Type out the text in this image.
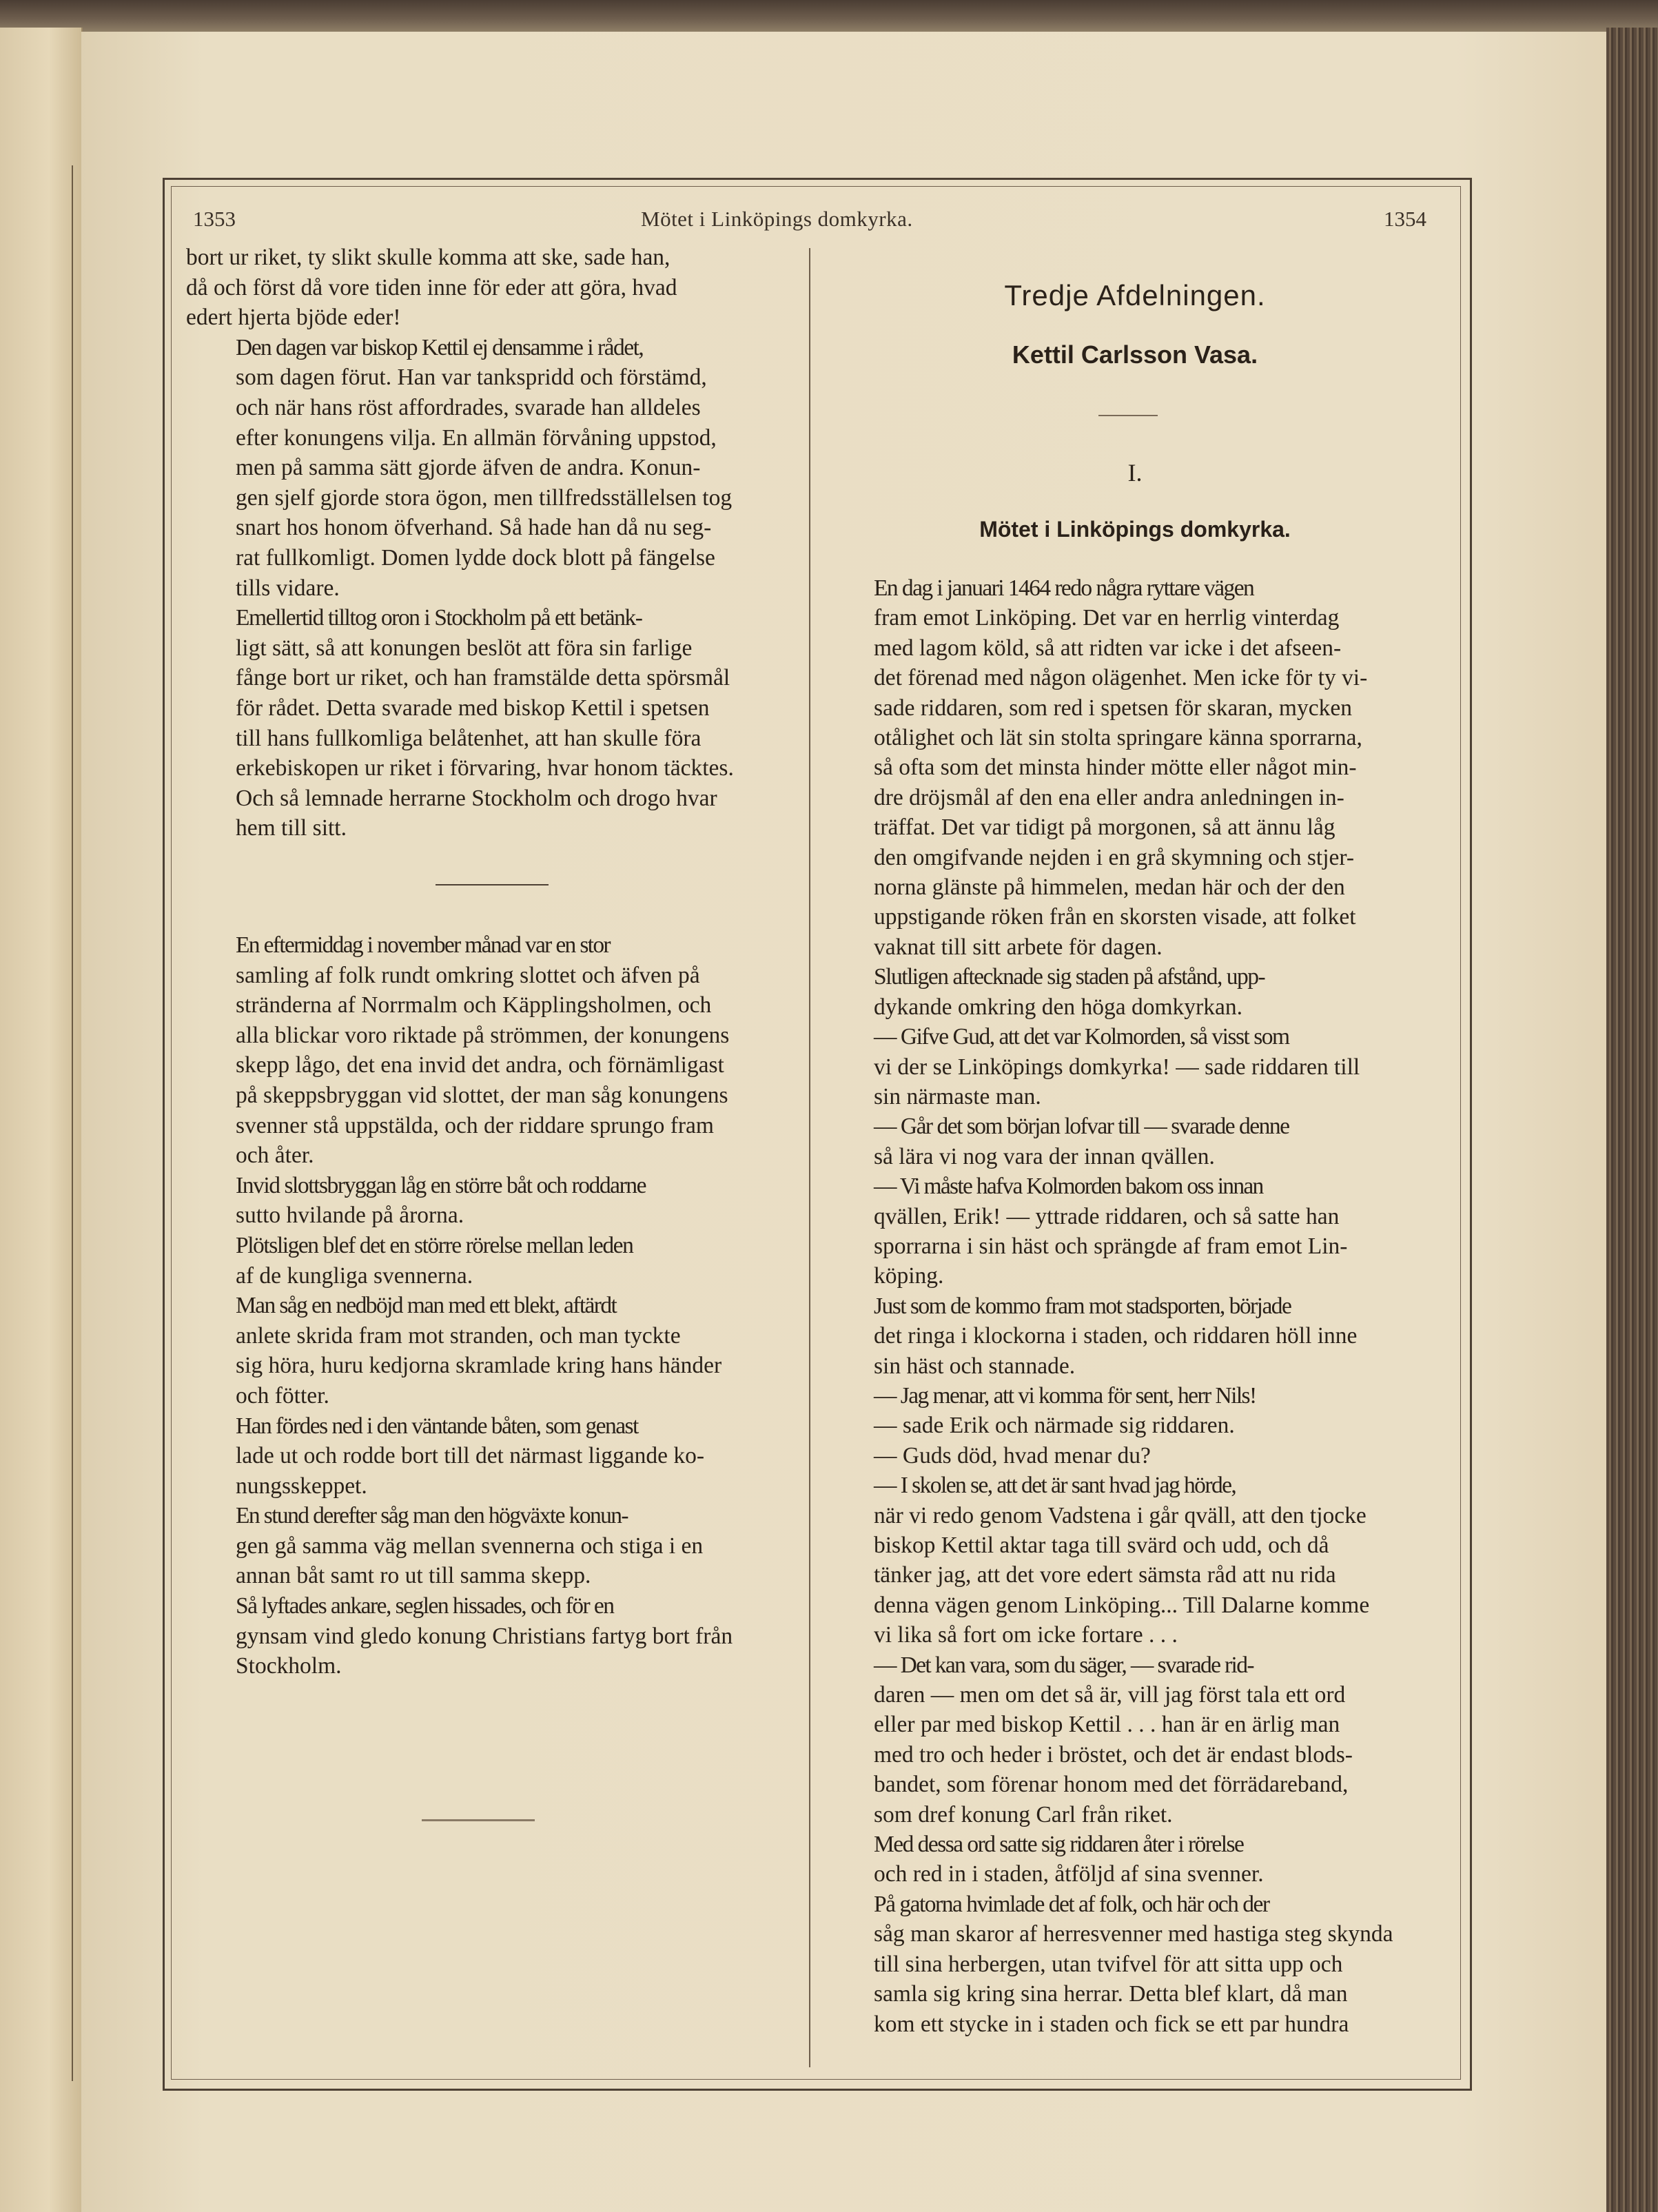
1353	Mötet i Linköpings domkyrka.	1354

bort ur riket, ty slikt skulle komma att ske, sade han,
då och först då vore tiden inne för eder att göra, hvad
edert hjerta bjöde eder!

Den dagen var biskop Kettil ej densamme i rådet,
som dagen förut. Han var tankspridd och förstämd,
och när hans röst affordrades, svarade han alldeles
efter konungens vilja. En allmän förvåning uppstod,
men på samma sätt gjorde äfven de andra. Konun-
gen sjelf gjorde stora ögon, men tillfredsställelsen tog
snart hos honom öfverhand. Så hade han då nu seg-
rat fullkomligt. Domen lydde dock blott på fängelse
tills vidare.

Emellertid tilltog oron i Stockholm på ett betänk-
ligt sätt, så att konungen beslöt att föra sin farlige
fånge bort ur riket, och han framstälde detta spörsmål
för rådet. Detta svarade med biskop Kettil i spetsen
till hans fullkomliga belåtenhet, att han skulle föra
erkebiskopen ur riket i förvaring, hvar honom täcktes.
Och så lemnade herrarne Stockholm och drogo hvar
hem till sitt.

En eftermiddag i november månad var en stor
samling af folk rundt omkring slottet och äfven på
stränderna af Norrmalm och Käpplingsholmen, och
alla blickar voro riktade på strömmen, der konungens
skepp lågo, det ena invid det andra, och förnämligast
på skeppsbryggan vid slottet, der man såg konungens
svenner stå uppstälda, och der riddare sprungo fram
och åter.

Invid slottsbryggan låg en större båt och roddarne
sutto hvilande på årorna.

Plötsligen blef det en större rörelse mellan leden
af de kungliga svennerna.

Man såg en nedböjd man med ett blekt, aftärdt
anlete skrida fram mot stranden, och man tyckte
sig höra, huru kedjorna skramlade kring hans händer
och fötter.

Han fördes ned i den väntande båten, som genast
lade ut och rodde bort till det närmast liggande ko-
nungsskeppet.

En stund derefter såg man den högväxte konun-
gen gå samma väg mellan svennerna och stiga i en
annan båt samt ro ut till samma skepp.

Så lyftades ankare, seglen hissades, och för en
gynsam vind gledo konung Christians fartyg bort från
Stockholm.

Tredje Afdelningen.
Kettil Carlsson Vasa.
I.
Mötet i Linköpings domkyrka.

En dag i januari 1464 redo några ryttare vägen
fram emot Linköping. Det var en herrlig vinterdag
med lagom köld, så att ridten var icke i det afseen-
det förenad med någon olägenhet. Men icke för ty vi-
sade riddaren, som red i spetsen för skaran, mycken
otålighet och lät sin stolta springare känna sporrarna,
så ofta som det minsta hinder mötte eller något min-
dre dröjsmål af den ena eller andra anledningen in-
träffat. Det var tidigt på morgonen, så att ännu låg
den omgifvande nejden i en grå skymning och stjer-
norna glänste på himmelen, medan här och der den
uppstigande röken från en skorsten visade, att folket
vaknat till sitt arbete för dagen.

Slutligen aftecknade sig staden på afstånd, upp-
dykande omkring den höga domkyrkan.

— Gifve Gud, att det var Kolmorden, så visst som
vi der se Linköpings domkyrka! — sade riddaren till
sin närmaste man.

— Går det som början lofvar till — svarade denne
så lära vi nog vara der innan qvällen.

— Vi måste hafva Kolmorden bakom oss innan
qvällen, Erik! — yttrade riddaren, och så satte han
sporrarna i sin häst och sprängde af fram emot Lin-
köping.

Just som de kommo fram mot stadsporten, började
det ringa i klockorna i staden, och riddaren höll inne
sin häst och stannade.

— Jag menar, att vi komma för sent, herr Nils!
— sade Erik och närmade sig riddaren.

— Guds död, hvad menar du?

— I skolen se, att det är sant hvad jag hörde,
när vi redo genom Vadstena i går qväll, att den tjocke
biskop Kettil aktar taga till svärd och udd, och då
tänker jag, att det vore edert sämsta råd att nu rida
denna vägen genom Linköping... Till Dalarne komme
vi lika så fort om icke fortare . . .

— Det kan vara, som du säger, — svarade rid-
daren — men om det så är, vill jag först tala ett ord
eller par med biskop Kettil . . . han är en ärlig man
med tro och heder i bröstet, och det är endast blods-
bandet, som förenar honom med det förrädareband,
som dref konung Carl från riket.

Med dessa ord satte sig riddaren åter i rörelse
och red in i staden, åtföljd af sina svenner.

På gatorna hvimlade det af folk, och här och der
såg man skaror af herresvenner med hastiga steg skynda
till sina herbergen, utan tvifvel för att sitta upp och
samla sig kring sina herrar. Detta blef klart, då man
kom ett stycke in i staden och fick se ett par hundra
